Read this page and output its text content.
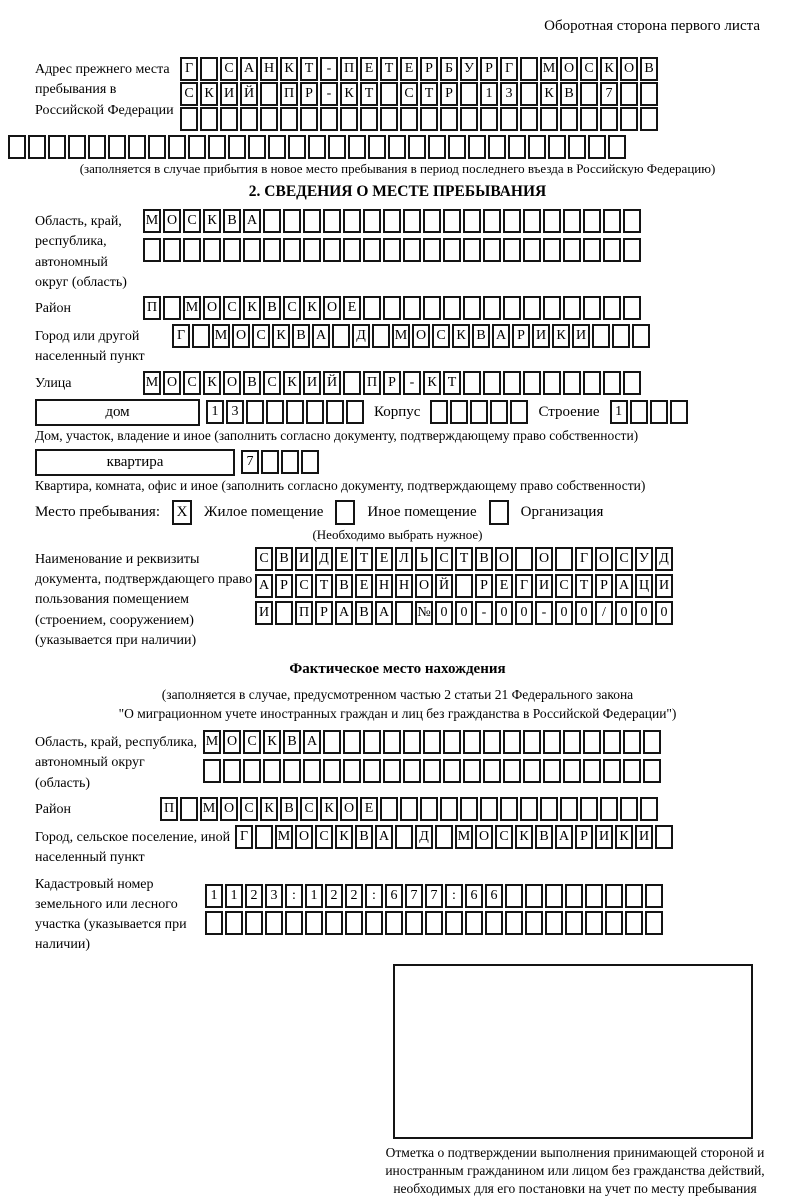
Оборотная сторона первого листа
Адрес прежнего места пребывания в Российской Федерации
Г	С А Н К Т - П Е Т Е Р Б У Р Г	М О С К О В
С К И Й П Р - К Т	С Т Р	1 3	К В	7
(заполняется в случае прибытия в новое место пребывания в период последнего въезда в Российскую Федерацию)
2. СВЕДЕНИЯ О МЕСТЕ ПРЕБЫВАНИЯ
Область, край, республика, автономный округ (область)
М О С К В А
Район	П М О С К В С К О Е
Город или другой населенный пункт
Г	М О С К В А	Д	М О С К В А Р И К И
Улица	М О С К О В С К И Й П Р - К Т
дом	1 3	Корпус	Строение	1
Дом, участок, владение и иное (заполнить согласно документу, подтверждающему право собственности)
квартира	7
Квартира, комната, офис и иное (заполнить согласно документу, подтверждающему право собственности)
Место пребывания:	X	Жилое помещение	Иное помещение	Организация
(Необходимо выбрать нужное)
Наименование и реквизиты документа, подтверждающего право пользования помещением (строением, сооружением) (указывается при наличии)
С В И Д Е Т Е Л Ь С Т В О О	Г О С У Д
А Р С Т В Е Н Н О Й	Р Е Г И С Т Р А Ц И
И П Р А В А № 0 0	-	0 0	-	0 0	/	0 0 0
Фактическое место нахождения
(заполняется в случае, предусмотренном частью 2 статьи 21 Федерального закона
"О миграционном учете иностранных граждан и лиц без гражданства в Российской Федерации")
Область, край, республика, автономный округ (область)
М О С К В А
Район	П М О С К В С К О Е
Город, сельское поселение, иной населенный пункт
Г	М О С К В А	Д	М О С К В А Р И К И
Кадастровый номер земельного или лесного участка (указывается при наличии)
1 1 2 3	:	1 2 2	:	6 7 7	:	6 6
Отметка о подтверждении выполнения принимающей стороной и иностранным гражданином или лицом без гражданства действий, необходимых для его постановки на учет по месту пребывания
